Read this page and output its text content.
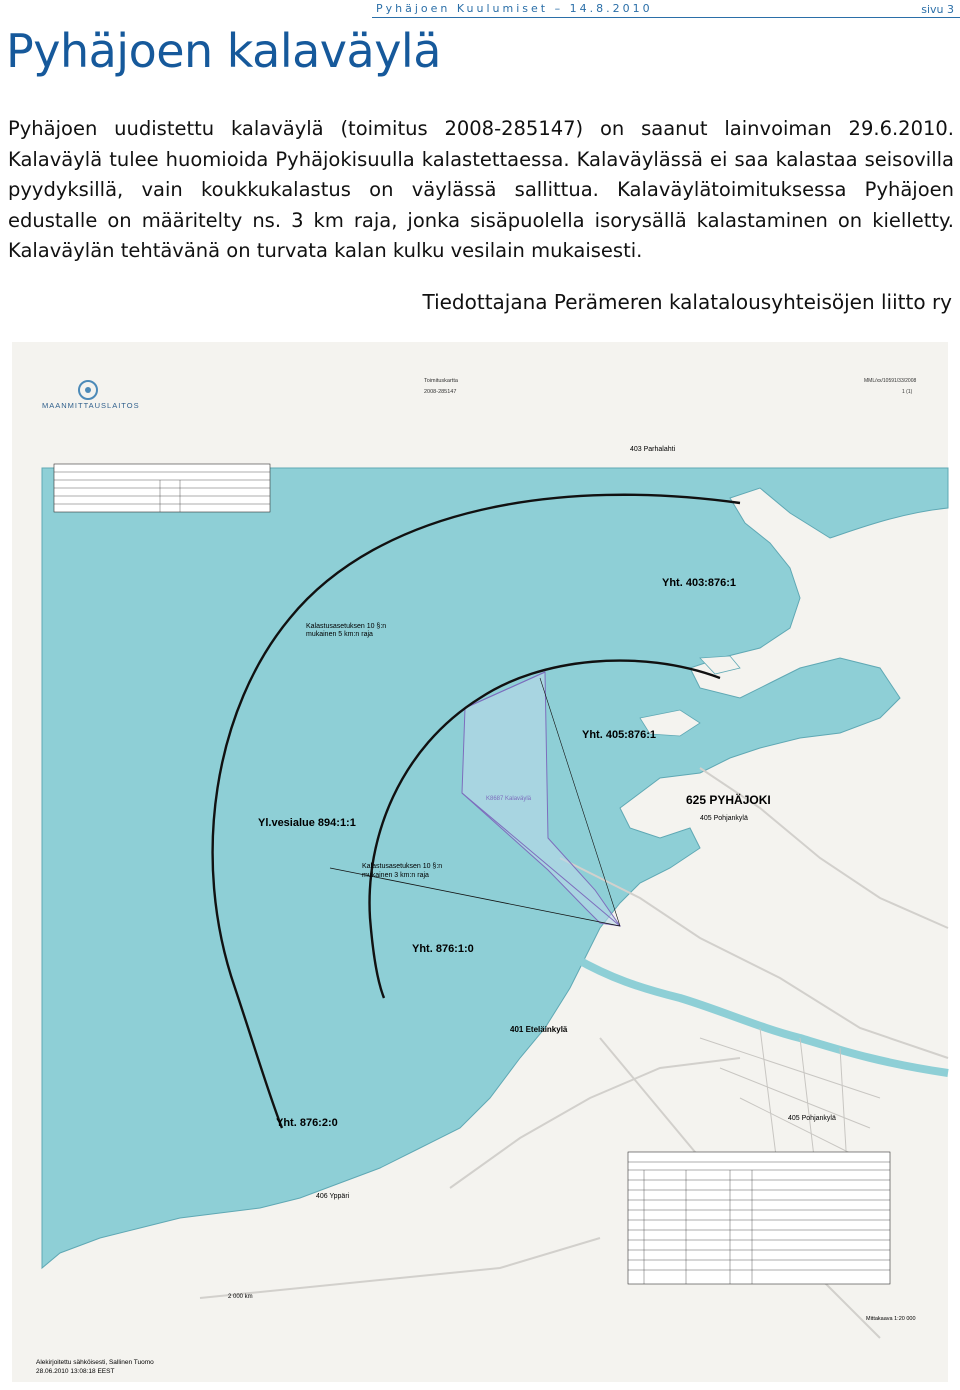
Pyhäjoen Kuulumiset – 14.8.2010	sivu 3
Pyhäjoen kalaväylä

Pyhäjoen uudistettu kalaväylä (toimitus 2008-285147) on saanut lainvoiman 29.6.2010. Kalaväylä tulee huomioida Pyhäjokisuulla kalastettaessa. Kalaväylässä ei saa kalastaa seisovilla pyydyksillä, vain koukkukalastus on väylässä sallittua. Kalaväylätoimituksessa Pyhäjoen edustalle on määritelty ns. 3 km raja, jonka sisäpuolella isorysällä kalastaminen on kielletty. Kalaväylän tehtävänä on turvata kalan kulku vesilain mukaisesti.

Tiedottajana Perämeren kalatalousyhteisöjen liitto ry
MAANMITTAUSLAITOS
Toimituskartta
2008-285147
MML/xx/10591/33/2008
1 (1)
Yht. 403:876:1
Kalastusasetuksen 10 §:n
mukainen 5 km:n raja
Yht. 405:876:1
K8687 Kalaväylä	625 PYHÄJOKI
405 Pohjankylä
Yl.vesialue 894:1:1
Kalastusasetuksen 10 §:n
mukainen 3 km:n raja
Yht. 876:1:0
401 Eteläinkylä
Yht. 876:2:0
406 Yppäri
403 Parhalahti
405 Pohjankylä
2 000 km
Mittakaava 1:20 000
Alekirjoitettu sähköisesti, Sallinen Tuomo
28.06.2010 13:08:18 EEST
